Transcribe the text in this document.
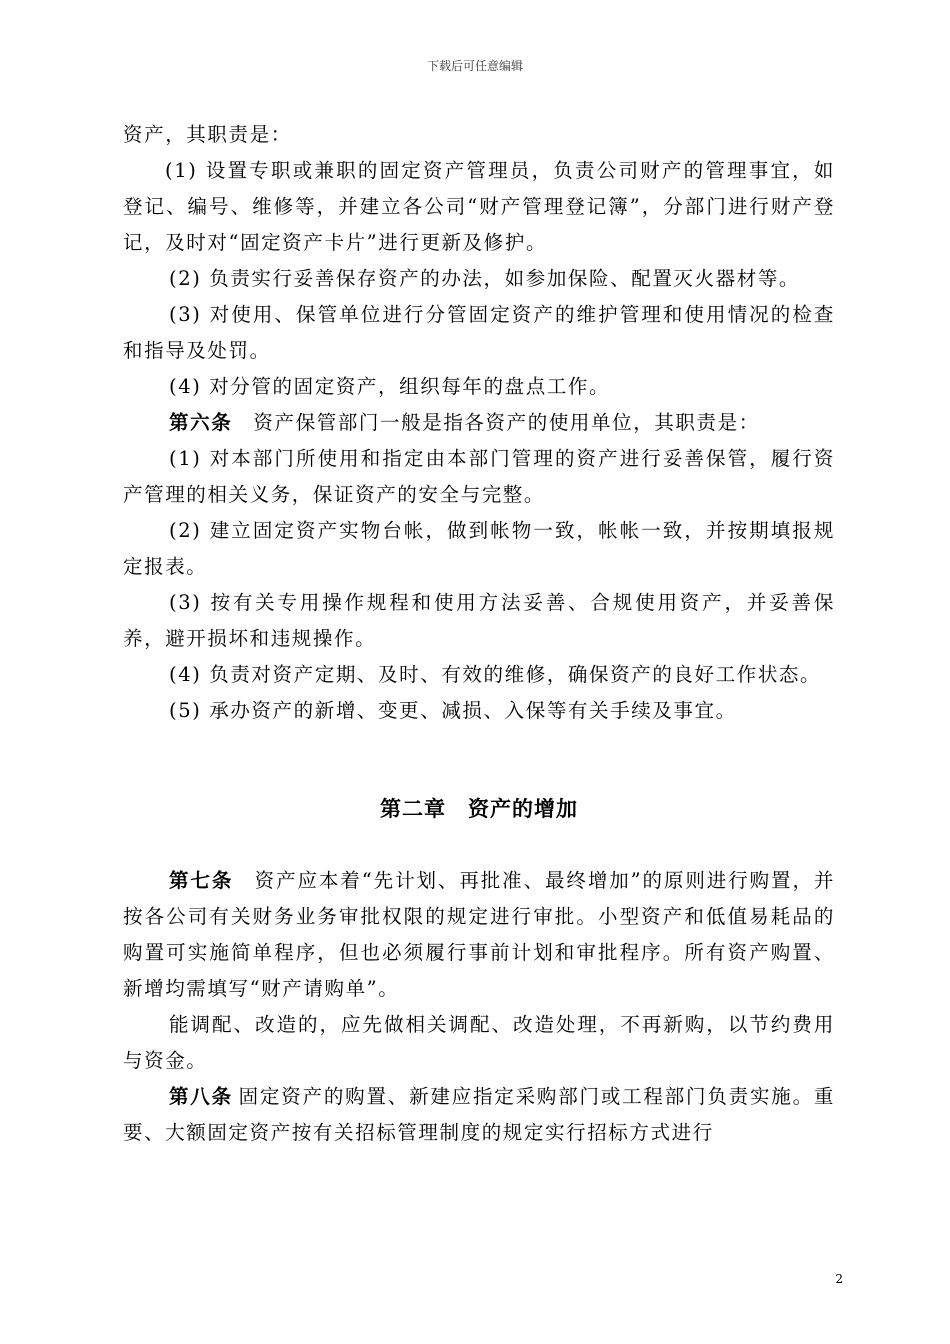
下载后可任意编辑

资产，其职责是：

(1) 设置专职或兼职的固定资产管理员，负责公司财产的管理事宜，如登记、编号、维修等，并建立各公司“财产管理登记簿”，分部门进行财产登记，及时对“固定资产卡片”进行更新及修护。

(2) 负责实行妥善保存资产的办法，如参加保险、配置灭火器材等。

(3) 对使用、保管单位进行分管固定资产的维护管理和使用情况的检查和指导及处罚。

(4) 对分管的固定资产，组织每年的盘点工作。

第六条　资产保管部门一般是指各资产的使用单位，其职责是：

(1) 对本部门所使用和指定由本部门管理的资产进行妥善保管，履行资产管理的相关义务，保证资产的安全与完整。

(2) 建立固定资产实物台帐，做到帐物一致，帐帐一致，并按期填报规定报表。

(3) 按有关专用操作规程和使用方法妥善、合规使用资产，并妥善保养，避开损坏和违规操作。

(4) 负责对资产定期、及时、有效的维修，确保资产的良好工作状态。

(5) 承办资产的新增、变更、减损、入保等有关手续及事宜。

第二章　资产的增加

第七条　资产应本着“先计划、再批准、最终增加”的原则进行购置，并按各公司有关财务业务审批权限的规定进行审批。小型资产和低值易耗品的购置可实施简单程序，但也必须履行事前计划和审批程序。所有资产购置、新增均需填写“财产请购单”。

能调配、改造的，应先做相关调配、改造处理，不再新购，以节约费用与资金。

第八条  固定资产的购置、新建应指定采购部门或工程部门负责实施。重要、大额固定资产按有关招标管理制度的规定实行招标方式进行

2
